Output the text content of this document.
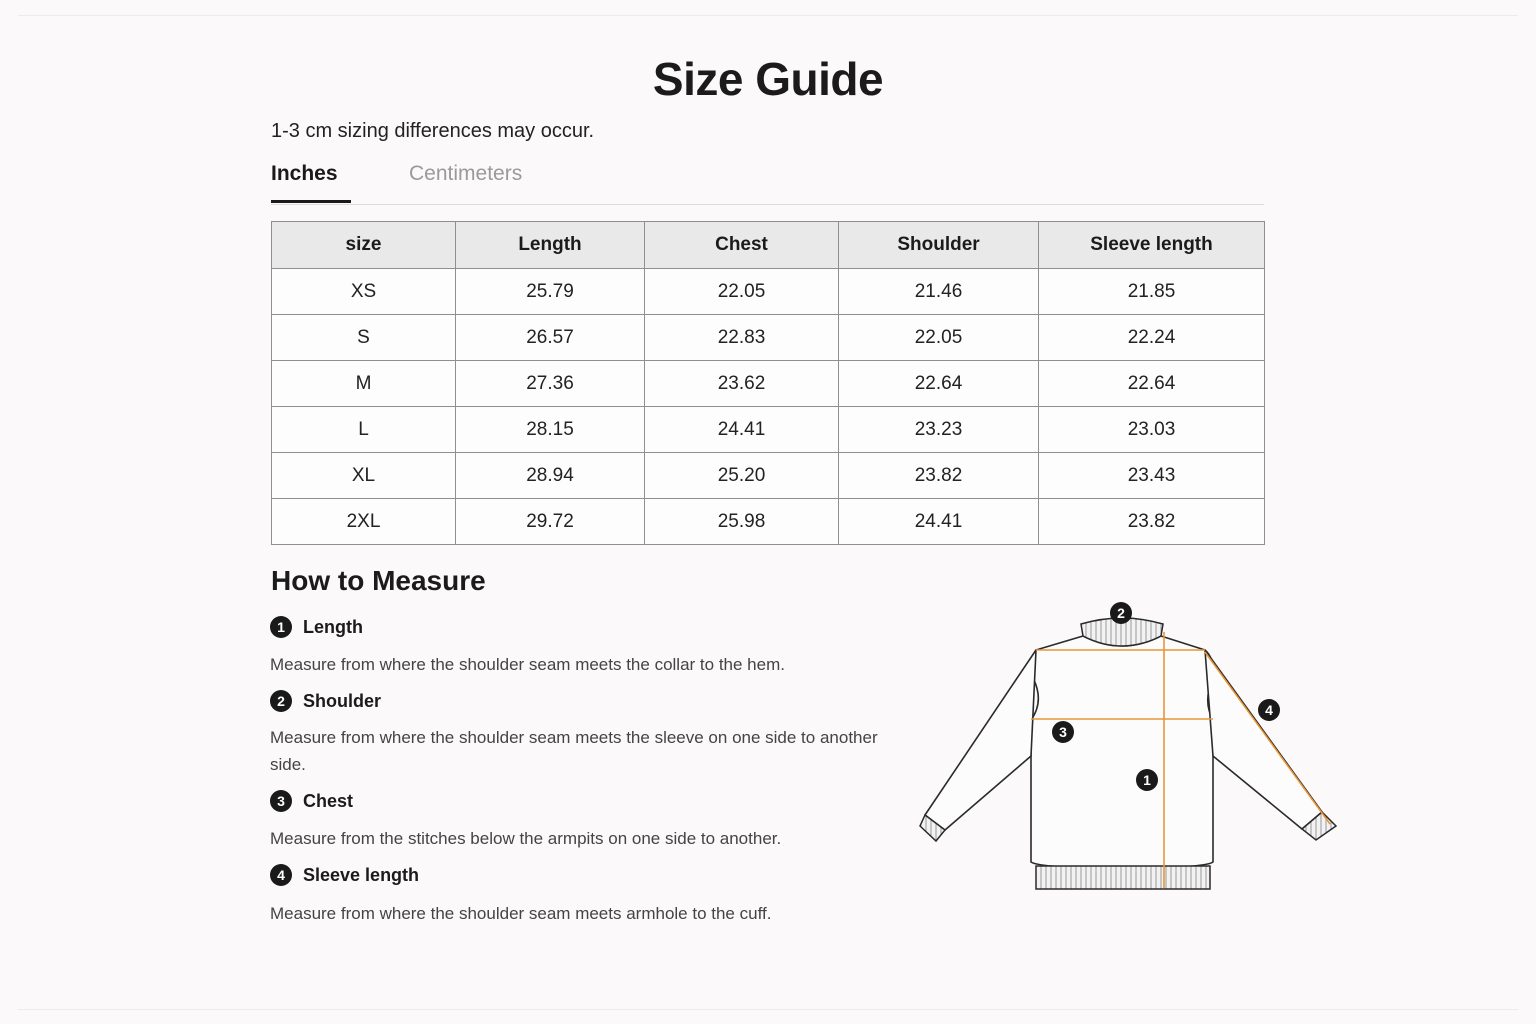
Size Guide
1-3 cm sizing differences may occur.
Inches	Centimeters
size	Length	Chest	Shoulder	Sleeve length
XS	25.79	22.05	21.46	21.85
S	26.57	22.83	22.05	22.24
M	27.36	23.62	22.64	22.64
L	28.15	24.41	23.23	23.03
XL	28.94	25.20	23.82	23.43
2XL	29.72	25.98	24.41	23.82
How to Measure
1	Length
Measure from where the shoulder seam meets the collar to the hem.
2	Shoulder
Measure from where the shoulder seam meets the sleeve on one side to another side.
3	Chest
Measure from the stitches below the armpits on one side to another.
4	Sleeve length
Measure from where the shoulder seam meets armhole to the cuff.
2
4
3
1
